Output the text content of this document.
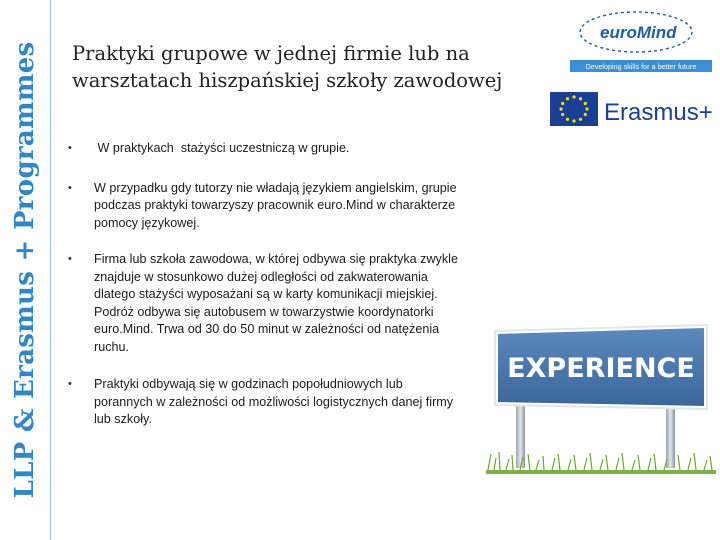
LLP & Erasmus + Programmes Praktyki grupowe w jednej firmie lub na
warsztatach hiszpańskiej szkoły zawodowej
euroMind
Developing skills for a better future
Erasmus+
• W praktykach  stażyści uczestniczą w grupie.
• W przypadku gdy tutorzy nie władają językiem angielskim, grupie podczas praktyki towarzyszy pracownik euro.Mind w charakterze pomocy językowej.
• Firma lub szkoła zawodowa, w której odbywa się praktyka zwykle znajduje w stosunkowo dużej odległości od zakwaterowania dlatego stażyści wyposażani są w karty komunikacji miejskiej. Podróż odbywa się autobusem w towarzystwie koordynatorki euro.Mind. Trwa od 30 do 50 minut w zależności od natężenia ruchu.
• Praktyki odbywają się w godzinach popołudniowych lub porannych w zależności od możliwości logistycznych danej firmy lub szkoły.
EXPERIENCE
